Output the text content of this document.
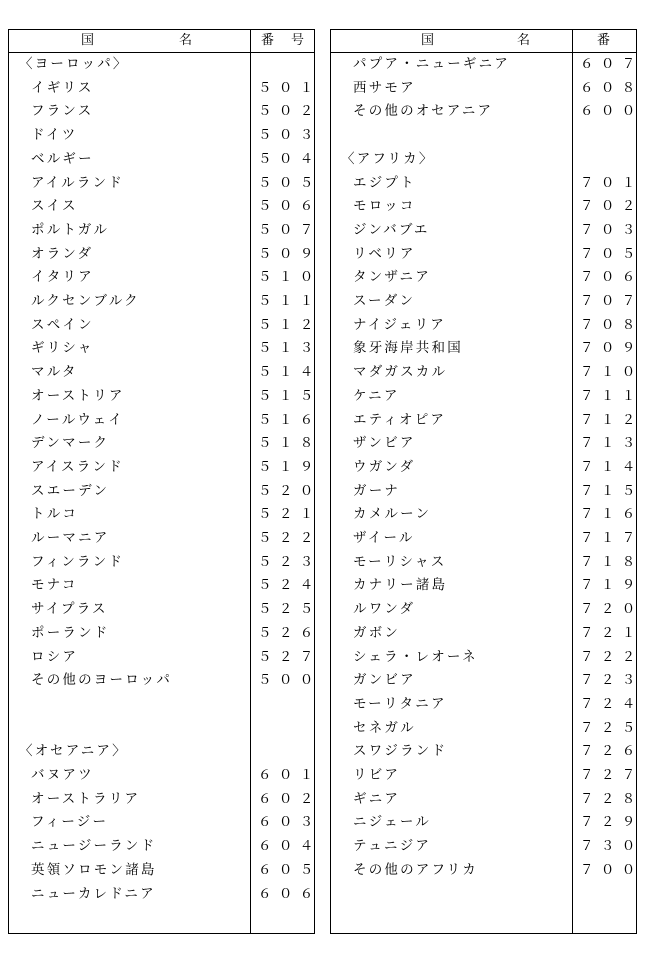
国	名	番 号
〈ヨーロッパ〉
イギリス	５０１
フランス	５０２
ドイツ	５０３
ベルギー	５０４
アイルランド	５０５
スイス	５０６
ポルトガル	５０７
オランダ	５０９
イタリア	５１０
ルクセンブルク	５１１
スペイン	５１２
ギリシャ	５１３
マルタ	５１４
オーストリア	５１５
ノールウェイ	５１６
デンマーク	５１８
アイスランド	５１９
スエーデン	５２０
トルコ	５２１
ルーマニア	５２２
フィンランド	５２３
モナコ	５２４
サイプラス	５２５
ポーランド	５２６
ロシア	５２７
その他のヨーロッパ	５００
〈オセアニア〉
バヌアツ	６０１
オーストラリア	６０２
フィージー	６０３
ニュージーランド	６０４
英領ソロモン諸島	６０５
ニューカレドニア	６０６
国	名	番
パプア・ニューギニア	６０７
西サモア	６０８
その他のオセアニア	６００
〈アフリカ〉
エジプト	７０１
モロッコ	７０２
ジンバブエ	７０３
リベリア	７０５
タンザニア	７０６
スーダン	７０７
ナイジェリア	７０８
象牙海岸共和国	７０９
マダガスカル	７１０
ケニア	７１１
エティオピア	７１２
ザンビア	７１３
ウガンダ	７１４
ガーナ	７１５
カメルーン	７１６
ザイール	７１７
モーリシャス	７１８
カナリー諸島	７１９
ルワンダ	７２０
ガボン	７２１
シェラ・レオーネ	７２２
ガンビア	７２３
モーリタニア	７２４
セネガル	７２５
スワジランド	７２６
リビア	７２７
ギニア	７２８
ニジェール	７２９
テュニジア	７３０
その他のアフリカ	７００
